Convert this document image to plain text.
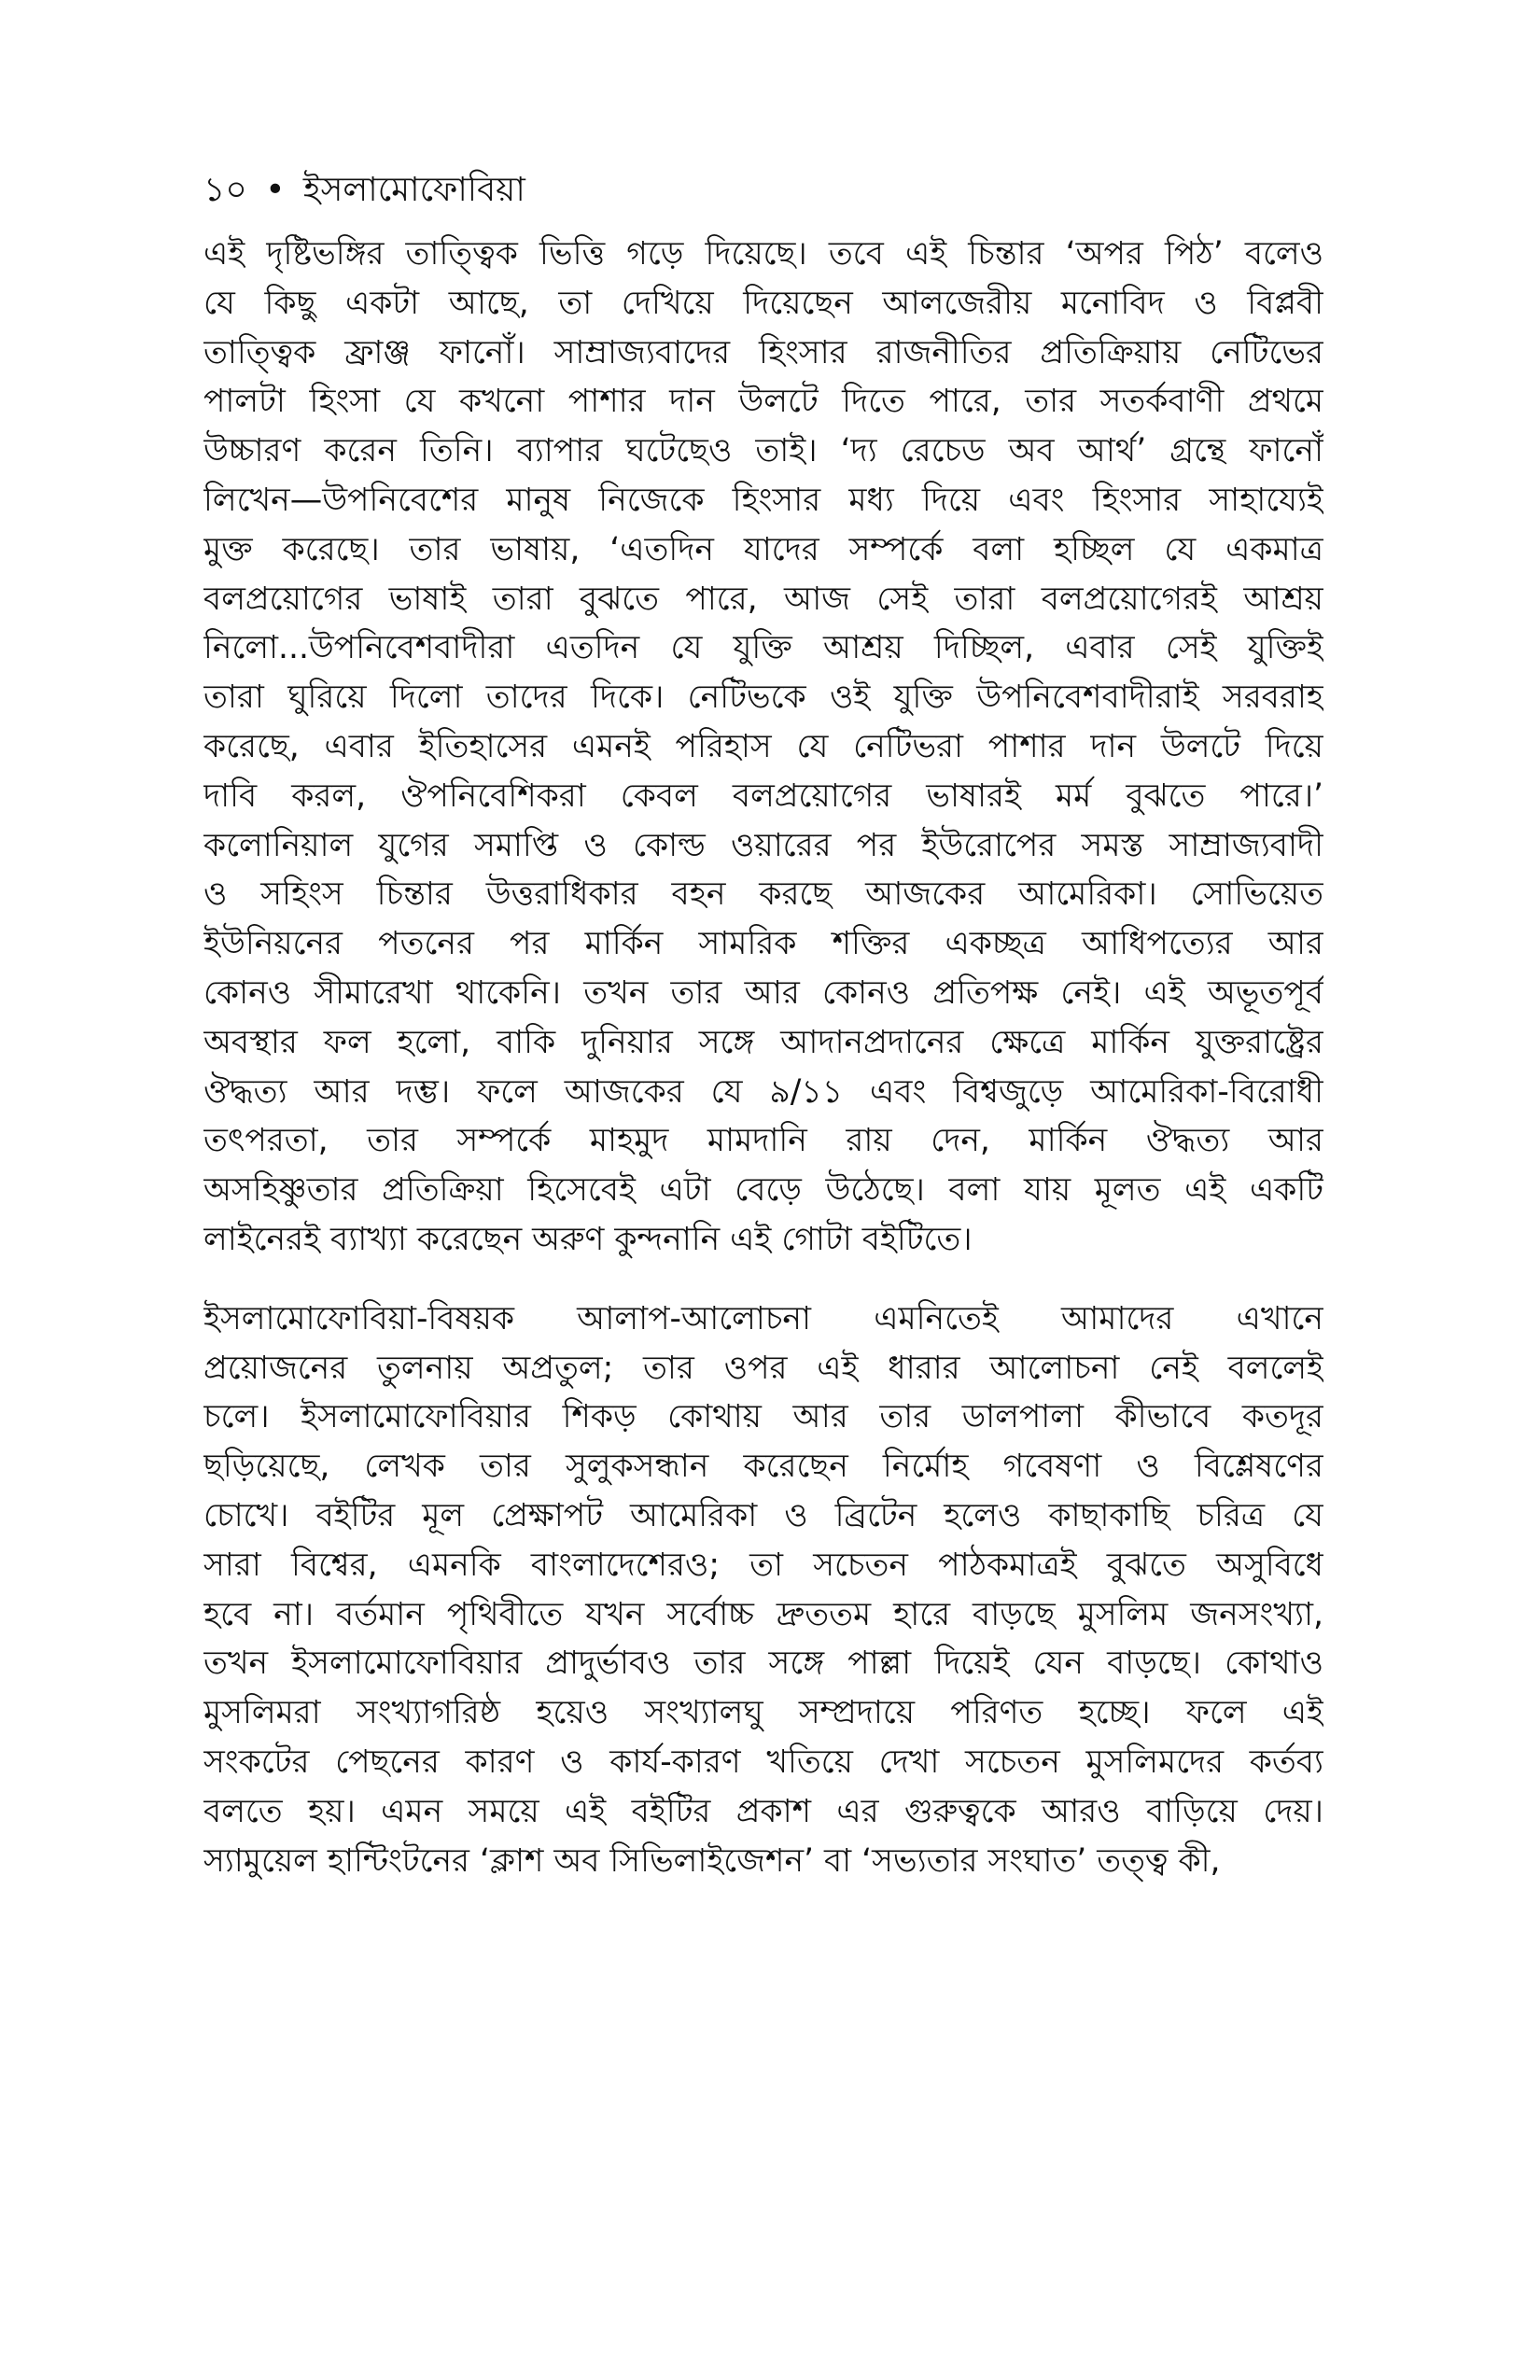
১০ • ইসলামোফোবিয়া
এই দৃষ্টিভঙ্গির তাত্ত্বিক ভিত্তি গড়ে দিয়েছে। তবে এই চিন্তার ‘অপর পিঠ’ বলেও
যে কিছু একটা আছে, তা দেখিয়ে দিয়েছেন আলজেরীয় মনোবিদ ও বিপ্লবী
তাত্ত্বিক ফ্রাঞ্জ ফানোঁ। সাম্রাজ্যবাদের হিংসার রাজনীতির প্রতিক্রিয়ায় নেটিভের
পালটা হিংসা যে কখনো পাশার দান উলটে দিতে পারে, তার সতর্কবাণী প্রথমে
উচ্চারণ করেন তিনি। ব্যাপার ঘটেছেও তাই। ‘দ্য রেচেড অব আর্থ’ গ্রন্থে ফানোঁ
লিখেন—উপনিবেশের মানুষ নিজেকে হিংসার মধ্য দিয়ে এবং হিংসার সাহায্যেই
মুক্ত করেছে। তার ভাষায়, ‘এতদিন যাদের সম্পর্কে বলা হচ্ছিল যে একমাত্র
বলপ্রয়োগের ভাষাই তারা বুঝতে পারে, আজ সেই তারা বলপ্রয়োগেরই আশ্রয়
নিলো...উপনিবেশবাদীরা এতদিন যে যুক্তি আশ্রয় দিচ্ছিল, এবার সেই যুক্তিই
তারা ঘুরিয়ে দিলো তাদের দিকে। নেটিভকে ওই যুক্তি উপনিবেশবাদীরাই সরবরাহ
করেছে, এবার ইতিহাসের এমনই পরিহাস যে নেটিভরা পাশার দান উলটে দিয়ে
দাবি করল, ঔপনিবেশিকরা কেবল বলপ্রয়োগের ভাষারই মর্ম বুঝতে পারে।’
কলোনিয়াল যুগের সমাপ্তি ও কোল্ড ওয়ারের পর ইউরোপের সমস্ত সাম্রাজ্যবাদী
ও সহিংস চিন্তার উত্তরাধিকার বহন করছে আজকের আমেরিকা। সোভিয়েত
ইউনিয়নের পতনের পর মার্কিন সামরিক শক্তির একচ্ছত্র আধিপত্যের আর
কোনও সীমারেখা থাকেনি। তখন তার আর কোনও প্রতিপক্ষ নেই। এই অভূতপূর্ব
অবস্থার ফল হলো, বাকি দুনিয়ার সঙ্গে আদানপ্রদানের ক্ষেত্রে মার্কিন যুক্তরাষ্ট্রের
ঔদ্ধত্য আর দম্ভ। ফলে আজকের যে ৯/১১ এবং বিশ্বজুড়ে আমেরিকা-বিরোধী
তৎপরতা, তার সম্পর্কে মাহমুদ মামদানি রায় দেন, মার্কিন ঔদ্ধত্য আর
অসহিষ্ণুতার প্রতিক্রিয়া হিসেবেই এটা বেড়ে উঠেছে। বলা যায় মূলত এই একটি
লাইনেরই ব্যাখ্যা করেছেন অরুণ কুন্দনানি এই গোটা বইটিতে।
ইসলামোফোবিয়া-বিষয়ক আলাপ-আলোচনা এমনিতেই আমাদের এখানে
প্রয়োজনের তুলনায় অপ্রতুল; তার ওপর এই ধারার আলোচনা নেই বললেই
চলে। ইসলামোফোবিয়ার শিকড় কোথায় আর তার ডালপালা কীভাবে কতদূর
ছড়িয়েছে, লেখক তার সুলুকসন্ধান করেছেন নির্মোহ গবেষণা ও বিশ্লেষণের
চোখে। বইটির মূল প্রেক্ষাপট আমেরিকা ও ব্রিটেন হলেও কাছাকাছি চরিত্র যে
সারা বিশ্বের, এমনকি বাংলাদেশেরও; তা সচেতন পাঠকমাত্রই বুঝতে অসুবিধে
হবে না। বর্তমান পৃথিবীতে যখন সর্বোচ্চ দ্রুততম হারে বাড়ছে মুসলিম জনসংখ্যা,
তখন ইসলামোফোবিয়ার প্রাদুর্ভাবও তার সঙ্গে পাল্লা দিয়েই যেন বাড়ছে। কোথাও
মুসলিমরা সংখ্যাগরিষ্ঠ হয়েও সংখ্যালঘু সম্প্রদায়ে পরিণত হচ্ছে। ফলে এই
সংকটের পেছনের কারণ ও কার্য-কারণ খতিয়ে দেখা সচেতন মুসলিমদের কর্তব্য
বলতে হয়। এমন সময়ে এই বইটির প্রকাশ এর গুরুত্বকে আরও বাড়িয়ে দেয়।
স্যামুয়েল হান্টিংটনের ‘ক্লাশ অব সিভিলাইজেশন’ বা ‘সভ্যতার সংঘাত’ তত্ত্ব কী,
